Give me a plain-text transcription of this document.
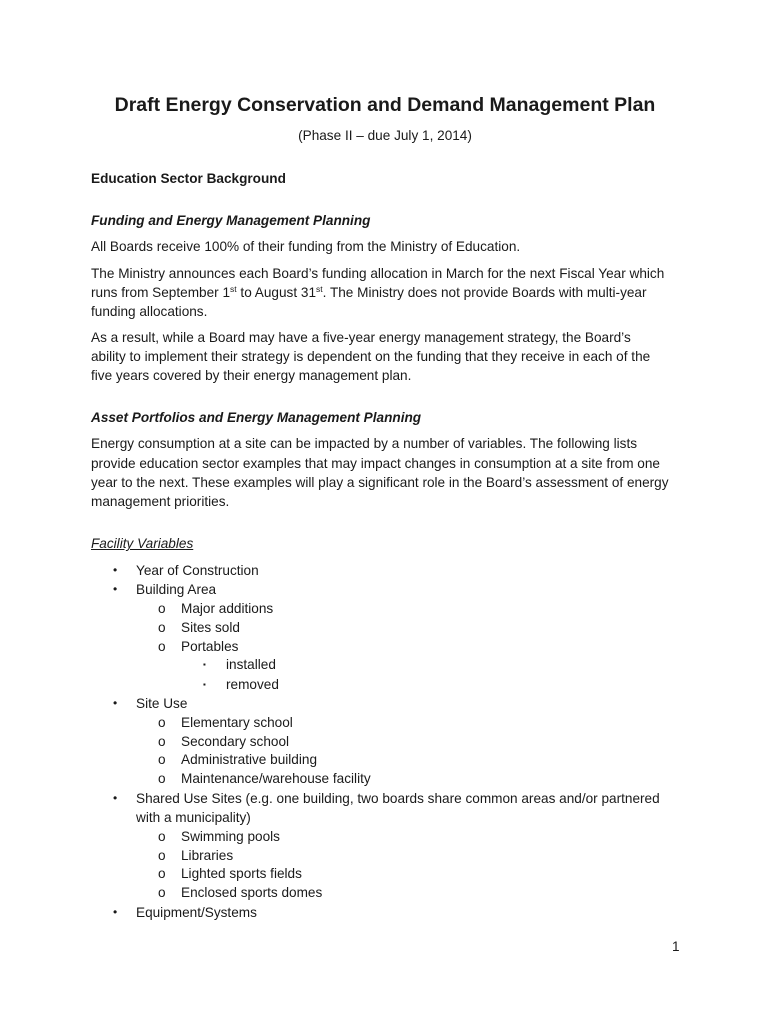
Draft Energy Conservation and Demand Management Plan
(Phase II – due July 1, 2014)
Education Sector Background
Funding and Energy Management Planning
All Boards receive 100% of their funding from the Ministry of Education.
The Ministry announces each Board’s funding allocation in March for the next Fiscal Year which
runs from September 1st to August 31st. The Ministry does not provide Boards with multi-year
funding allocations.
As a result, while a Board may have a five-year energy management strategy, the Board’s
ability to implement their strategy is dependent on the funding that they receive in each of the
five years covered by their energy management plan.
Asset Portfolios and Energy Management Planning
Energy consumption at a site can be impacted by a number of variables. The following lists
provide education sector examples that may impact changes in consumption at a site from one
year to the next. These examples will play a significant role in the Board’s assessment of energy
management priorities.
Facility Variables
• Year of Construction
• Building Area
o Major additions
o Sites sold
o Portables
▪ installed
▪ removed
• Site Use
o Elementary school
o Secondary school
o Administrative building
o Maintenance/warehouse facility
• Shared Use Sites (e.g. one building, two boards share common areas and/or partnered
with a municipality)
o Swimming pools
o Libraries
o Lighted sports fields
o Enclosed sports domes
• Equipment/Systems
1
